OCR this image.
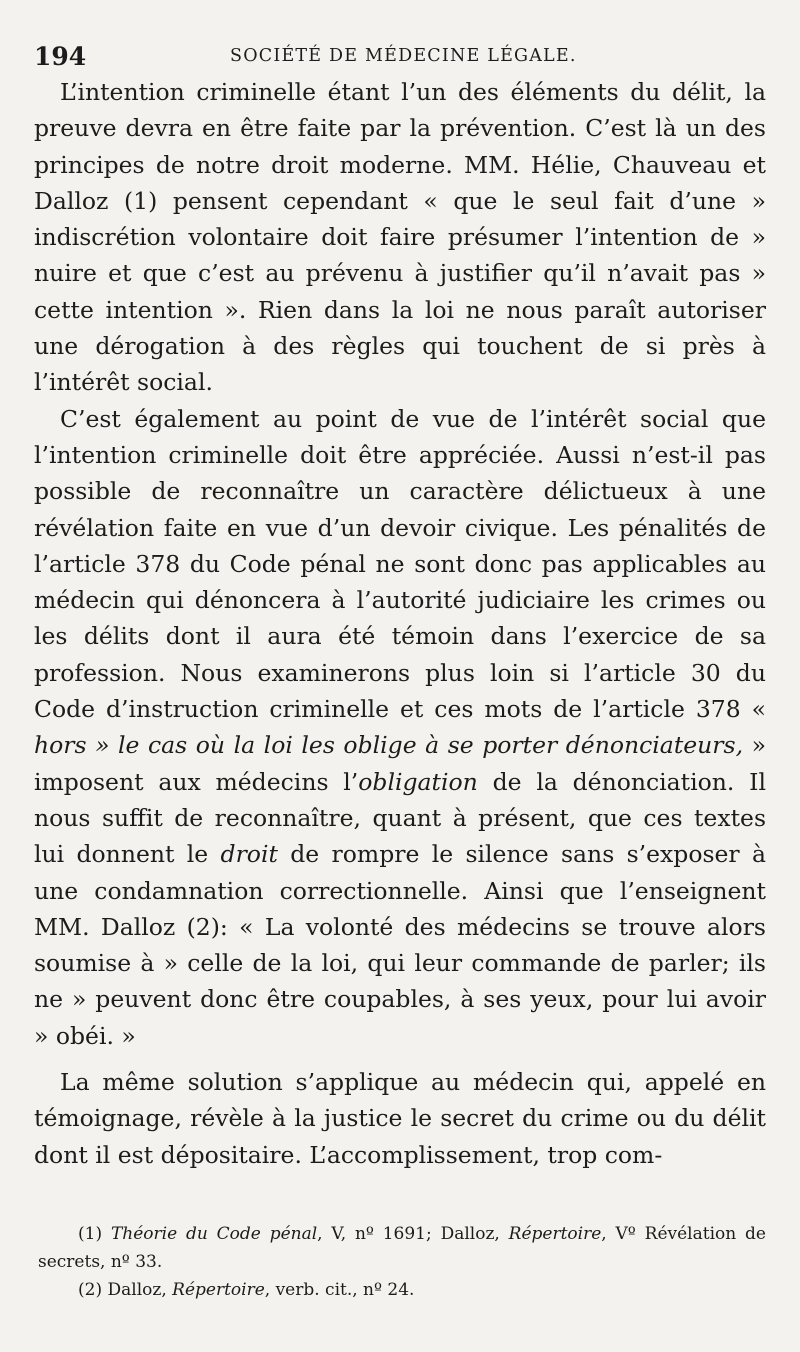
194	SOCIÉTÉ DE MÉDECINE LÉGALE.

L’intention criminelle étant l’un des éléments du délit, la preuve devra en être faite par la prévention. C’est là un des principes de notre droit moderne. MM. Hélie, Chauveau et Dalloz (1) pensent cependant « que le seul fait d’une » indiscrétion volontaire doit faire présumer l’intention de » nuire et que c’est au prévenu à justifier qu’il n’avait pas » cette intention ». Rien dans la loi ne nous paraît autoriser une dérogation à des règles qui touchent de si près à l’intérêt social.

C’est également au point de vue de l’intérêt social que l’intention criminelle doit être appréciée. Aussi n’est-il pas possible de reconnaître un caractère délictueux à une révélation faite en vue d’un devoir civique. Les pénalités de l’article 378 du Code pénal ne sont donc pas applicables au médecin qui dénoncera à l’autorité judiciaire les crimes ou les délits dont il aura été témoin dans l’exercice de sa profession. Nous examinerons plus loin si l’article 30 du Code d’instruction criminelle et ces mots de l’article 378 « hors » le cas où la loi les oblige à se porter dénonciateurs, » imposent aux médecins l’obligation de la dénonciation. Il nous suffit de reconnaître, quant à présent, que ces textes lui donnent le droit de rompre le silence sans s’exposer à une condamnation correctionnelle. Ainsi que l’enseignent MM. Dalloz (2): « La volonté des médecins se trouve alors soumise à » celle de la loi, qui leur commande de parler; ils ne » peuvent donc être coupables, à ses yeux, pour lui avoir » obéi. »

La même solution s’applique au médecin qui, appelé en témoignage, révèle à la justice le secret du crime ou du délit dont il est dépositaire. L’accomplissement, trop com-

(1) Théorie du Code pénal, V, nº 1691; Dalloz, Répertoire, Vº Révélation de secrets, nº 33.

(2) Dalloz, Répertoire, verb. cit., nº 24.
